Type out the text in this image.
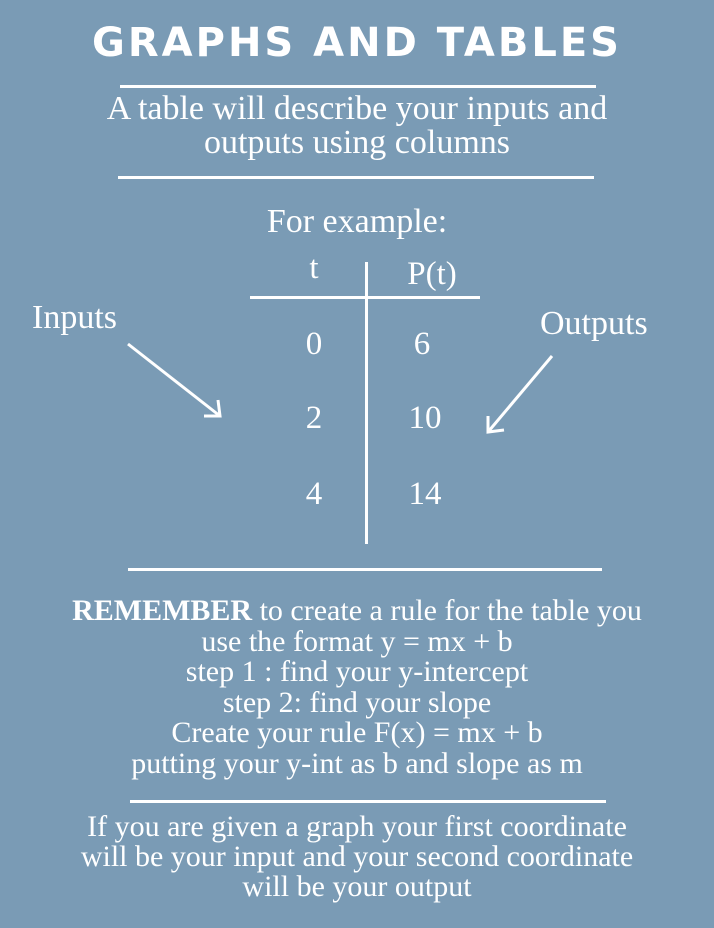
GRAPHS AND TABLES
A table will describe your inputs and
outputs using columns
For example:
t	P(t)
0	6
2	10
4	14
Inputs	Outputs
REMEMBER to create a rule for the table you
use the format y = mx + b
step 1 : find your y-intercept
step 2: find your slope
Create your rule F(x) = mx + b
putting your y-int as b and slope as m
If you are given a graph your first coordinate
will be your input and your second coordinate
will be your output
